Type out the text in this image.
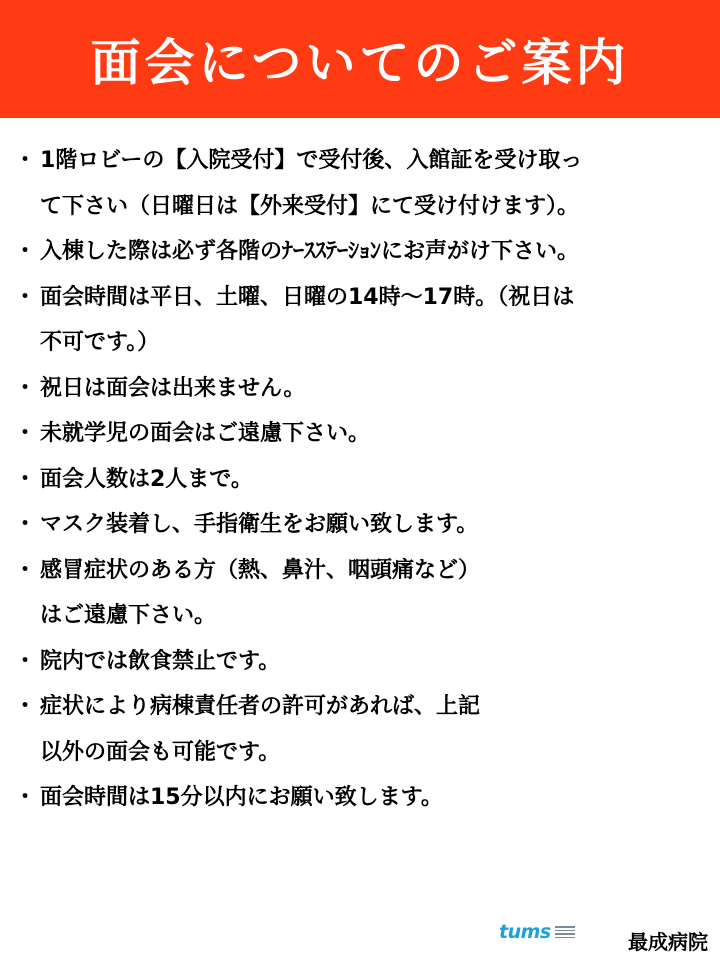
面会についてのご案内
・ 1階ロビーの【入院受付】で受付後、入館証を受け取っ
て下さい（日曜日は【外来受付】にて受け付けます）。
・ 入棟した際は必ず各階のﾅｰｽｽﾃｰｼｮﾝにお声がけ下さい。
・ 面会時間は平日、土曜、日曜の14時～17時。（祝日は
不可です。）
・ 祝日は面会は出来ません。
・ 未就学児の面会はご遠慮下さい。
・ 面会人数は2人まで。
・ マスク装着し、手指衛生をお願い致します。
・ 感冒症状のある方（熱、鼻汁、咽頭痛など）
はご遠慮下さい。
・ 院内では飲食禁止です。
・ 症状により病棟責任者の許可があれば、上記
以外の面会も可能です。
・ 面会時間は15分以内にお願い致します。
tums	最成病院
